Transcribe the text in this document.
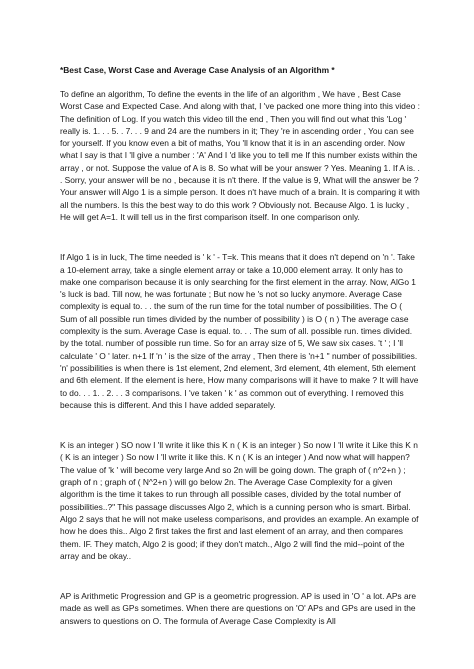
*Best Case, Worst Case and Average Case Analysis of an Algorithm *

To define an algorithm, To define the events in the life of an algorithm , We have , Best Case Worst Case and Expected Case. And along with that, I 've packed one more thing into this video : The definition of Log. If you watch this video till the end , Then you will find out what this 'Log ' really is. 1. . . 5. . 7. . . 9 and 24 are the numbers in it; They 're in ascending order , You can see for yourself. If you know even a bit of maths, You 'll know that it is in an ascending order. Now what I say is that I 'll give a number : 'A' And I 'd like you to tell me If this number exists within the array , or not. Suppose the value of A is 8. So what will be your answer ? Yes. Meaning 1. If A is. . . Sorry, your answer will be no , because it is n't there. If the value is 9, What will the answer be ? Your answer will Algo 1 is a simple person. It does n't have much of a brain. It is comparing it with all the numbers. Is this the best way to do this work ? Obviously not. Because Algo. 1 is lucky , He will get A=1. It will tell us in the first comparison itself. In one comparison only.

If Algo 1 is in luck, The time needed is ' k ' - T=k. This means that it does n't depend on 'n '. Take a 10-element array, take a single element array or take a 10,000 element array. It only has to make one comparison because it is only searching for the first element in the array. Now, AlGo 1 's luck is bad. Till now, he was fortunate ; But now he 's not so lucky anymore. Average Case complexity is equal to. . . the sum of the run time for the total number of possibilities. The O ( Sum of all possible run times divided by the number of possibility ) is O ( n ) The average case complexity is the sum. Average Case is equal. to. . . The sum of all. possible run. times divided. by the total. number of possible run time. So for an array size of 5, We saw six cases. 't ' ; I 'll calculate ' O ' later. n+1 If 'n ' is the size of the array , Then there is 'n+1 " number of possibilities. 'n' possibilities is when there is 1st element, 2nd element, 3rd element, 4th element, 5th element and 6th element. If the element is here, How many comparisons will it have to make ? It will have to do. . . 1. . 2. . . 3 comparisons. I 've taken ' k ' as common out of everything. I removed this because this is different. And this I have added separately.

K is an integer ) SO now I 'll write it like this K n ( K is an integer ) So now I 'll write it Like this K n ( K is an integer ) So now I 'll write it like this. K n ( K is an integer ) And now what will happen? The value of 'k ' will become very large And so 2n will be going down. The graph of ( n^2+n ) ; graph of n ; graph of ( N^2+n ) will go below 2n. The Average Case Complexity for a given algorithm is the time it takes to run through all possible cases, divided by the total number of possibilities..?" This passage discusses Algo 2, which is a cunning person who is smart. Birbal. Algo 2 says that he will not make useless comparisons, and provides an example. An example of how he does this.. Algo 2 first takes the first and last element of an array, and then compares them. IF. They match, Algo 2 is good; if they don't match., Algo 2 will find the mid--point of the array and be okay..

AP is Arithmetic Progression and GP is a geometric progression. AP is used in 'O ' a lot. APs are made as well as GPs sometimes. When there are questions on 'O' APs and GPs are used in the answers to questions on O. The formula of Average Case Complexity is All
